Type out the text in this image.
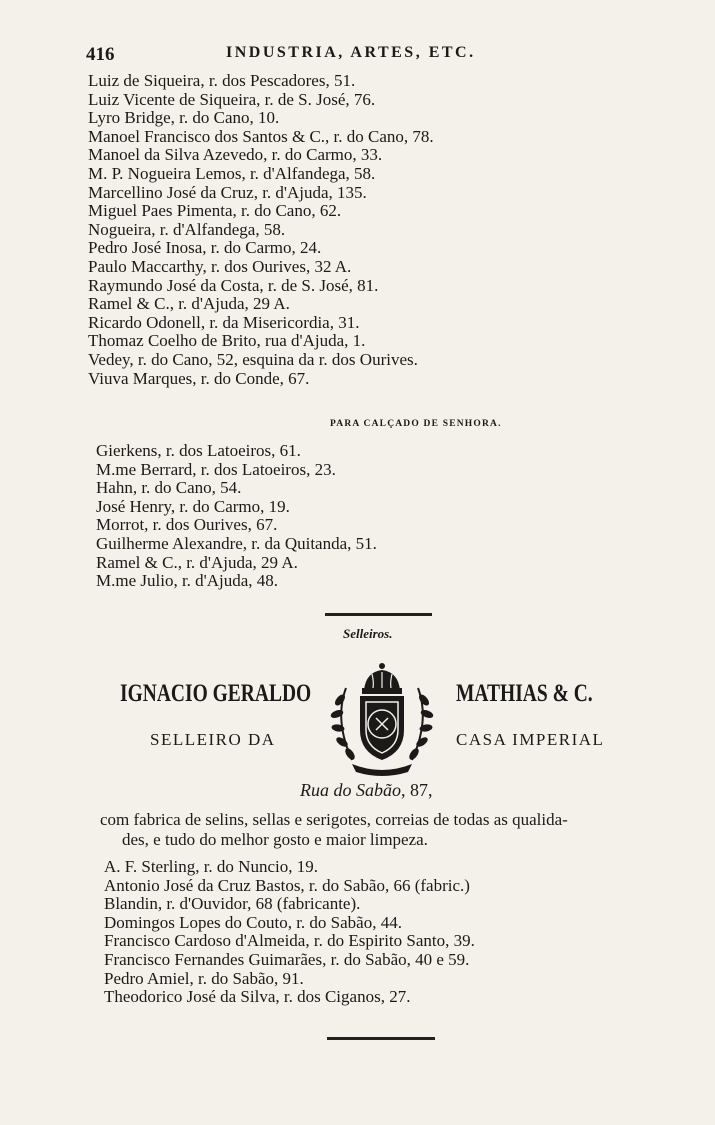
416	INDUSTRIA, ARTES, ETC.
Luiz de Siqueira, r. dos Pescadores, 51.
Luiz Vicente de Siqueira, r. de S. José, 76.
Lyro Bridge, r. do Cano, 10.
Manoel Francisco dos Santos & C., r. do Cano, 78.
Manoel da Silva Azevedo, r. do Carmo, 33.
M. P. Nogueira Lemos, r. d'Alfandega, 58.
Marcellino José da Cruz, r. d'Ajuda, 135.
Miguel Paes Pimenta, r. do Cano, 62.
Nogueira, r. d'Alfandega, 58.
Pedro José Inosa, r. do Carmo, 24.
Paulo Maccarthy, r. dos Ourives, 32 A.
Raymundo José da Costa, r. de S. José, 81.
Ramel & C., r. d'Ajuda, 29 A.
Ricardo Odonell, r. da Misericordia, 31.
Thomaz Coelho de Brito, rua d'Ajuda, 1.
Vedey, r. do Cano, 52, esquina da r. dos Ourives.
Viuva Marques, r. do Conde, 67.
PARA CALÇADO DE SENHORA.
Gierkens, r. dos Latoeiros, 61.
M.me Berrard, r. dos Latoeiros, 23.
Hahn, r. do Cano, 54.
José Henry, r. do Carmo, 19.
Morrot, r. dos Ourives, 67.
Guilherme Alexandre, r. da Quitanda, 51.
Ramel & C., r. d'Ajuda, 29 A.
M.me Julio, r. d'Ajuda, 48.
Selleiros.
IGNACIO GERALDO	MATHIAS & C.
SELLEIRO DA	CASA IMPERIAL
Rua do Sabão, 87,
com fabrica de selins, sellas e serigotes, correias de todas as qualida-
des, e tudo do melhor gosto e maior limpeza.
A. F. Sterling, r. do Nuncio, 19.
Antonio José da Cruz Bastos, r. do Sabão, 66 (fabric.)
Blandin, r. d'Ouvidor, 68 (fabricante).
Domingos Lopes do Couto, r. do Sabão, 44.
Francisco Cardoso d'Almeida, r. do Espirito Santo, 39.
Francisco Fernandes Guimarães, r. do Sabão, 40 e 59.
Pedro Amiel, r. do Sabão, 91.
Theodorico José da Silva, r. dos Ciganos, 27.
